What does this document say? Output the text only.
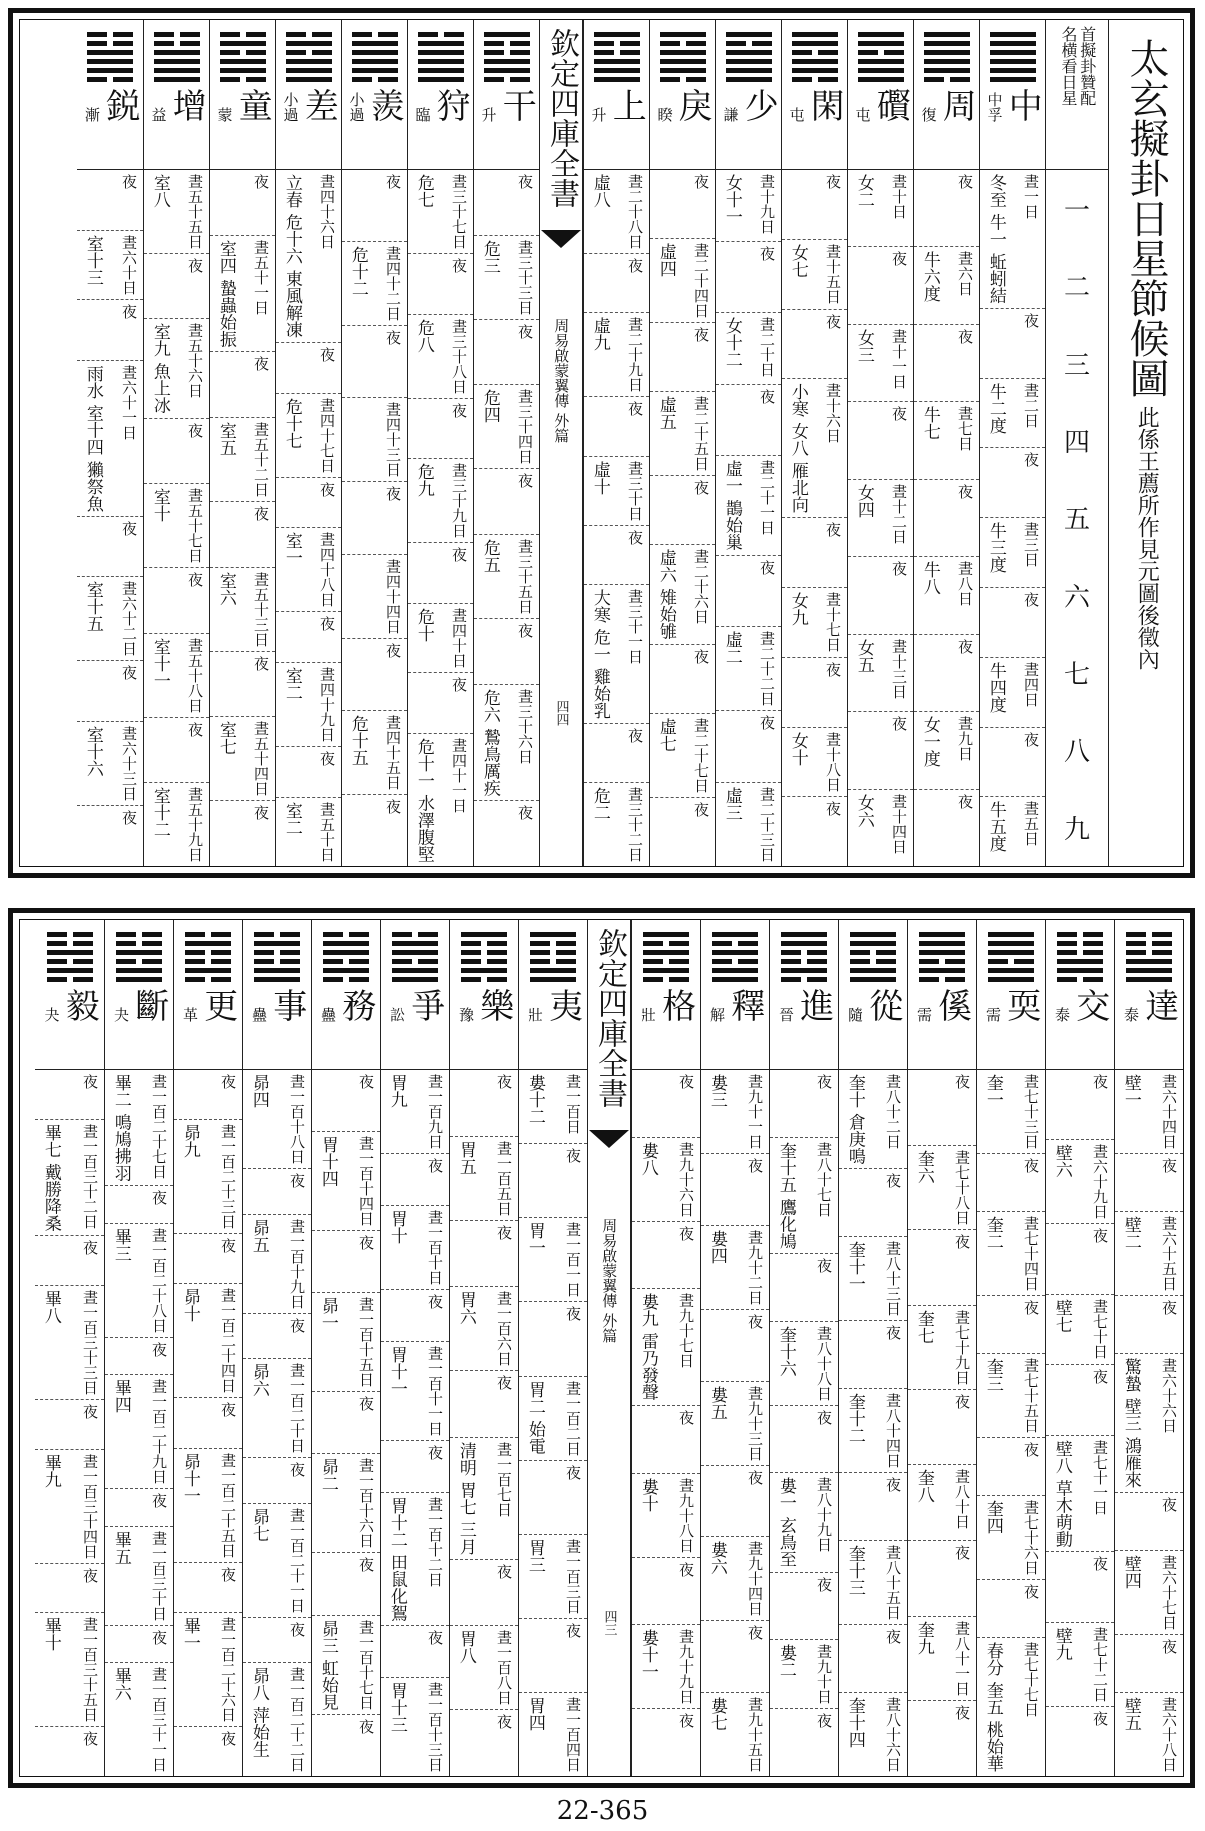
太玄擬卦日星節候圖
此係王薦所作見元圖後徵內
首擬卦贊配
名横看日星
一
二
三
四
五
六
七
八
九
中
中孚
晝一日
冬至 牛一 蚯蚓結
夜
晝二日
牛二度
夜
晝三日
牛三度
夜
晝四日
牛四度
夜
晝五日
牛五度
周
復
夜
晝六日
牛六度
夜
晝七日
牛七
夜
晝八日
牛八
夜
晝九日
女一度
夜
礥
屯
晝十日
女二
夜
晝十一日
女三
夜
晝十二日
女四
夜
晝十三日
女五
夜
晝十四日
女六
閑
屯
夜
晝十五日
女七
夜
晝十六日
小寒 女八 雁北向
夜
晝十七日
女九
夜
晝十八日
女十
夜
少
謙
晝十九日
女十一
夜
晝二十日
女十二
夜
晝二十一日
虛一 鵲始巢
夜
晝二十二日
虛二
夜
晝二十三日
虛三
戾
睽
夜
晝二十四日
虛四
夜
晝二十五日
虛五
夜
晝二十六日
虛六 雉始雊
夜
晝二十七日
虛七
夜
上
升
晝二十八日
虛八
夜
晝二十九日
虛九
夜
晝三十日
虛十
夜
晝三十一日
大寒 危一 雞始乳
夜
晝三十二日
危二
欽定四庫全書
周易啟蒙翼傳 外篇
四四
干
升
夜
晝三十三日
危三
夜
晝三十四日
危四
夜
晝三十五日
危五
夜
晝三十六日
危六 鷙鳥厲疾
夜
狩
臨
晝三十七日
危七
夜
晝三十八日
危八
夜
晝三十九日
危九
夜
晝四十日
危十
夜
晝四十一日
危十一 水澤腹堅
羨
小過
夜
晝四十二日
危十二
夜
晝四十三日
夜
晝四十四日
夜
晝四十五日
危十五
夜
差
小過
晝四十六日
立春 危十六 東風解凍
夜
晝四十七日
危十七
夜
晝四十八日
室一
夜
晝四十九日
室二
夜
晝五十日
室二
童
蒙
夜
晝五十一日
室四 蟄蟲始振
夜
晝五十二日
室五
夜
晝五十三日
室六
夜
晝五十四日
室七
夜
增
益
晝五十五日
室八
夜
晝五十六日
室九 魚上冰
夜
晝五十七日
室十
夜
晝五十八日
室十一
夜
晝五十九日
室十二
鋭
漸
夜
晝六十日
室十三
夜
晝六十一日
雨水 室十四 獺祭魚
夜
晝六十二日
室十五
夜
晝六十三日
室十六
夜
達
泰
晝六十四日
壁一
夜
晝六十五日
壁二
夜
晝六十六日
驚蟄 壁三 鴻雁來
夜
晝六十七日
壁四
夜
晝六十八日
壁五
交
泰
夜
晝六十九日
壁六
夜
晝七十日
壁七
夜
晝七十一日
壁八 草木萌動
夜
晝七十二日
壁九
夜
耎
需
晝七十三日
奎一
夜
晝七十四日
奎二
夜
晝七十五日
奎三
夜
晝七十六日
奎四
夜
晝七十七日
春分 奎五 桃始華
傒
需
夜
晝七十八日
奎六
夜
晝七十九日
奎七
夜
晝八十日
奎八
夜
晝八十一日
奎九
夜
從
隨
晝八十二日
奎十 倉庚鳴
夜
晝八十三日
奎十一
夜
晝八十四日
奎十二
夜
晝八十五日
奎十三
夜
晝八十六日
奎十四
進
晉
夜
晝八十七日
奎十五 鷹化鳩
夜
晝八十八日
奎十六
夜
晝八十九日
婁一 玄鳥至
夜
晝九十日
婁二
夜
釋
解
晝九十一日
婁三
夜
晝九十二日
婁四
夜
晝九十三日
婁五
夜
晝九十四日
婁六
夜
晝九十五日
婁七
格
壯
夜
晝九十六日
婁八
夜
晝九十七日
婁九 雷乃發聲
夜
晝九十八日
婁十
夜
晝九十九日
婁十一
夜
欽定四庫全書
周易啟蒙翼傳 外篇
四三
夷
壯
晝一百日
婁十二
夜
晝一百一日
胃一
夜
晝一百二日
胃二 始電
夜
晝一百三日
胃三
夜
晝一百四日
胃四
樂
豫
夜
晝一百五日
胃五
夜
晝一百六日
胃六
夜
晝一百七日
清明 胃七 三月
夜
晝一百八日
胃八
夜
爭
訟
晝一百九日
胃九
夜
晝一百十日
胃十
夜
晝一百十一日
胃十一
夜
晝一百十二日
胃十二 田鼠化鴽
夜
晝一百十三日
胃十三
務
蠱
夜
晝一百十四日
胃十四
夜
晝一百十五日
昴一
夜
晝一百十六日
昴二
夜
晝一百十七日
昴三 虹始見
夜
事
蠱
晝一百十八日
昴四
夜
晝一百十九日
昴五
夜
晝一百二十日
昴六
夜
晝一百二十一日
昴七
夜
晝一百二十二日
昴八 萍始生
更
革
夜
晝一百二十三日
昴九
夜
晝一百二十四日
昴十
夜
晝一百二十五日
昴十一
夜
晝一百二十六日
畢一
夜
斷
夬
晝一百二十七日
畢二 鳴鳩拂羽
夜
晝一百二十八日
畢三
夜
晝一百二十九日
畢四
夜
晝一百三十日
畢五
夜
晝一百三十一日
畢六
毅
夬
夜
晝一百三十二日
畢七 戴勝降桑
夜
晝一百三十三日
畢八
夜
晝一百三十四日
畢九
夜
晝一百三十五日
畢十
夜
22-365
